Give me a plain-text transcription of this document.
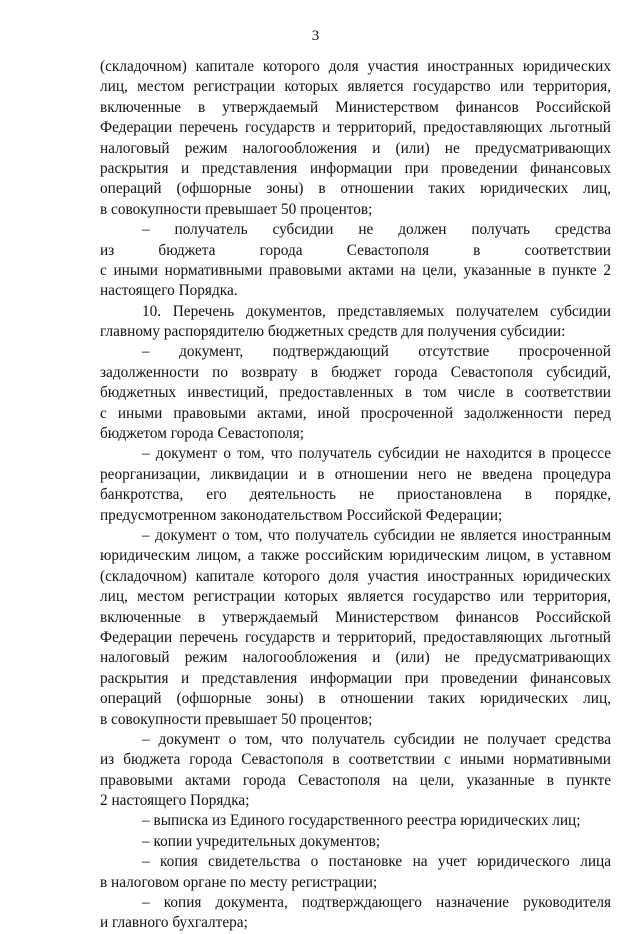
3
(складочном) капитале которого доля участия иностранных юридических
лиц, местом регистрации которых является государство или территория,
включенные в утверждаемый Министерством финансов Российской
Федерации перечень государств и территорий, предоставляющих льготный
налоговый режим налогообложения и (или) не предусматривающих
раскрытия и представления информации при проведении финансовых
операций (офшорные зоны) в отношении таких юридических лиц,
в совокупности превышает 50 процентов;
– получатель субсидии не должен получать средства
из бюджета города Севастополя в соответствии
с иными нормативными правовыми актами на цели, указанные в пункте 2
настоящего Порядка.
10. Перечень документов, представляемых получателем субсидии
главному распорядителю бюджетных средств для получения субсидии:
– документ, подтверждающий отсутствие просроченной
задолженности по возврату в бюджет города Севастополя субсидий,
бюджетных инвестиций, предоставленных в том числе в соответствии
с иными правовыми актами, иной просроченной задолженности перед
бюджетом города Севастополя;
– документ о том, что получатель субсидии не находится в процессе
реорганизации, ликвидации и в отношении него не введена процедура
банкротства, его деятельность не приостановлена в порядке,
предусмотренном законодательством Российской Федерации;
– документ о том, что получатель субсидии не является иностранным
юридическим лицом, а также российским юридическим лицом, в уставном
(складочном) капитале которого доля участия иностранных юридических
лиц, местом регистрации которых является государство или территория,
включенные в утверждаемый Министерством финансов Российской
Федерации перечень государств и территорий, предоставляющих льготный
налоговый режим налогообложения и (или) не предусматривающих
раскрытия и представления информации при проведении финансовых
операций (офшорные зоны) в отношении таких юридических лиц,
в совокупности превышает 50 процентов;
– документ о том, что получатель субсидии не получает средства
из бюджета города Севастополя в соответствии с иными нормативными
правовыми актами города Севастополя на цели, указанные в пункте
2 настоящего Порядка;
– выписка из Единого государственного реестра юридических лиц;
– копии учредительных документов;
– копия свидетельства о постановке на учет юридического лица
в налоговом органе по месту регистрации;
– копия документа, подтверждающего назначение руководителя
и главного бухгалтера;
